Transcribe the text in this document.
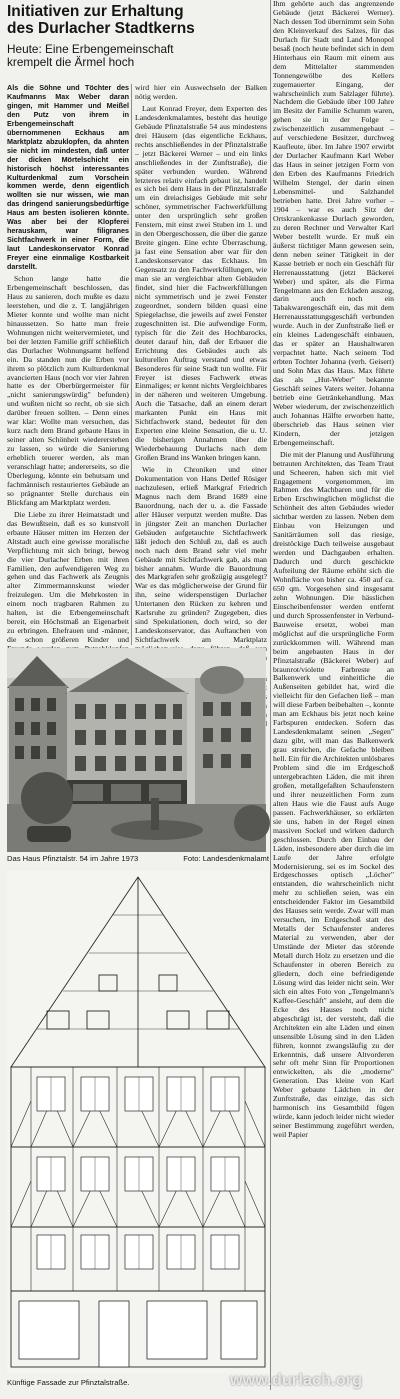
Initiativen zur Erhaltung
des Durlacher Stadtkerns
Heute: Eine Erbengemeinschaft
krempelt die Ärmel hoch

Als die Söhne und Töchter des Kaufmanns Max Weber daran gingen, mit Hammer und Meißel den Putz von ihrem in Erbengemeinschaft übernommenen Eckhaus am Marktplatz abzuklopfen, da ahnten sie nicht im mindesten, daß unter der dicken Mörtelschicht ein historisch höchst interessantes Kulturdenkmal zum Vorschein kommen werde, denn eigentlich wollten sie nur wissen, wie man das dringend sanierungsbedürftige Haus am besten isolieren könnte. Was aber bei der Klopferei herauskam, war filigranes Sichtfachwerk in einer Form, die laut Landeskonservator Konrad Freyer eine einmalige Kostbarkeit darstellt.

Schon lange hatte die Erbengemeinschaft beschlossen, das Haus zu sanieren, doch mußte es dazu leerstehen, und die z. T. langjährigen Mieter konnte und wollte man nicht hinaussetzen. So hatte man freie Wohnungen nicht weitervermietet, und bei der letzten Familie griff schließlich das Durlacher Wohnungsamt helfend ein. Da standen nun die Erben vor ihrem so plötzlich zum Kulturdenkmal avancierten Haus (noch vor vier Jahren hatte es der Oberbürgermeister für „nicht sanierungswürdig" befunden) und wußten nicht so recht, ob sie sich darüber freuen sollten. – Denn eines war klar: Wollte man versuchen, das kurz nach dem Brand gebaute Haus in seiner alten Schönheit wiedererstehen zu lassen, so würde die Sanierung erheblich teuerer werden, als man veranschlagt hatte; andererseits, so die Überlegung, könnte ein behutsam und fachmännisch restauriertes Gebäude an so prägnanter Stelle durchaus ein Blickfang am Marktplatz werden.

Die Liebe zu ihrer Heimatstadt und das Bewußtsein, daß es so kunstvoll erbaute Häuser mitten im Herzen der Altstadt auch eine gewisse moralische Verpflichtung mit sich bringt, bewog die vier Durlacher Erben mit ihren Familien, den aufwendigeren Weg zu gehen und das Fachwerk als Zeugnis alter Zimmermannskunst wieder freizulegen. Um die Mehrkosten in einem noch tragbaren Rahmen zu halten, ist die Erbengemeinschaft bereit, ein Höchstmaß an Eigenarbeit zu erbringen. Ehefrauen und -männer, die schon größeren Kinder und

wird hier ein Auswechseln der Balken nötig werden.

Laut Konrad Freyer, dem Experten des Landesdenkmalamtes, besteht das heutige Gebäude Pfinztalstraße 54 aus mindestens drei Häusern (das eigentliche Eckhaus, rechts anschließendes in der Pfinztalstraße – jetzt Bäckerei Werner – und ein links anschließendes in der Zunftstraße), die später verbunden wurden. Während letzteres relativ einfach gebaut ist, handelt es sich bei dem Haus in der Pfinztalstraße um ein dreiachsiges Gebäude mit sehr schöner, symmetrischer Fachwerkfüllung unter den ursprünglich sehr großen Fenstern, mit einst zwei Stuben im 1. und in den Obergeschossen, die über die ganze Breite gingen. Eine echte Überraschung, ja fast eine Sensation aber war für den Landeskonservator das Eckhaus. Im Gegensatz zu den Fachwerkfüllungen, wie man sie an vergleichbar alten Gebäuden findet, sind hier die Fachwerkfüllungen nicht symmetrisch und je zwei Fenster zugeordnet, sondern bilden quasi eine Spiegelachse, die jeweils auf zwei Fenster zugeschnitten ist. Die aufwendige Form, typisch für die Zeit des Hochbarocks, deutet darauf hin, daß der Erbauer die Errichtung des Gebäudes auch als kulturellen Auftrag verstand und etwas Besonderes für seine Stadt tun wollte. Für Freyer ist dieses Fachwerk etwas Einmaliges; er kennt nichts Vergleichbares in der näheren und weiteren Umgebung. Auch die Tatsache, daß an einem derart markanten Punkt ein Haus mit Sichtfachwerk stand, bedeutet für den Experten eine kleine Sensation, die u. U. die bisherigen Annahmen über die Wiederbebauung Durlachs nach dem Großen Brand ins Wanken bringen kann.

Wie in Chroniken und einer Dokumentation von Hans Detlef Rösiger nachzulesen, erließ Markgraf Friedrich Magnus nach dem Brand 1689 eine Bauordnung, nach der u. a. die Fassade aller Häuser verputzt werden mußte. Das in jüngster Zeit an manchen Durlacher Gebäuden aufgetauchte Sichtfachwerk läßt jedoch den Schluß zu, daß es auch noch nach dem Brand sehr viel mehr Gebäude mit Sichtfachwerk gab, als man bisher annahm. Wurde die Bauordnung des Markgrafen sehr großzügig ausgelegt? War es das möglicherweise der Grund für ihn, seine widerspenstigen Durlacher Untertanen den Rücken zu kehren und Karlsruhe zu gründen? Zugegeben, dies sind Spekulationen, doch wird, so der Landeskonservator, das Auftauchen von Sichtfachwerk am Marktplatz

Ihm gehörte auch das angrenzende Gebäude (jetzt Bäckerei Werner). Nach dessen Tod übernimmt sein Sohn den Kleinverkauf des Salzes, für das Durlach für Stadt und Land Monopol besaß (noch heute befindet sich in dem Hinterhaus ein Raum mit einem aus dem Mittelalter stammenden Tonnengewölbe des Kellers zugemauerter Eingang, der wahrscheinlich zum Salzlager führte). Nachdem die Gebäude über 100 Jahre im Besitz der Familie Schumm waren, gehen sie in der Folge – zwischenzeitlich zusammengebaut – auf verschiedene Besitzer, durchweg Kaufleute, über. Im Jahre 1907 erwirbt der Durlacher Kaufmann Karl Weber das Haus in seiner jetzigen Form von den Erben des Kaufmanns Friedrich Wilhelm Stengel, der darin einen Lebensmittel- und Salzhandel betrieben hatte. Drei Jahre vorher – 1904 – war es auch Sitz der Ortskrankenkasse Durlach geworden, zu deren Rechner und Verwalter Karl Weber bestellt wurde. Er muß ein äußerst tüchtiger Mann gewesen sein, denn neben seiner Tätigkeit in der Kasse betrieb er noch ein Geschäft für Herrenausstattung (jetzt Bäckerei Weber) und später, als die Firma Tengelmann aus den Eckladen auszog, darin auch noch ein Tabakwarengeschäft ein, das mit dem Herrenausstattungsgeschäft verbunden wurde. Auch in der Zunftstraße ließ er ein kleines Ladengeschäft einbauen, das er später an Haushaltwaren verpachtet hatte. Nach seinem Tod erbten Tochter Johanna (verh. Geisert) und Sohn Max das Haus. Max führte das als „Hut-Weber" bekannte Geschäft seines Vaters weiter. Johanna betrieb eine Getränkehandlung. Max Weber wiederum, der zwischenzeitlich auch Johannas Hälfte erworben hatte, überschrieb das Haus seinen vier Kindern, der jetzigen Erbengemeinschaft.

Die mit der Planung und Ausführung betrauten Architekten, das Team Traut und Scheeren, haben sich mit viel Engagement vorgenommen, im Rahmen des Machbaren und für die Erben Erschwinglichen möglichst die Schönheit des alten Gebäudes wieder sichtbar werden zu lassen. Neben dem Einbau von Heizungen und Sanitärräumen soll das riesige, dreistöckige Dach teilweise ausgebaut werden und Dachgauben erhalten. Dadurch und durch geschickte Aufteilung der Räume erhöht sich die Wohnfläche von bisher ca. 450 auf ca. 650 qm. Vorgesehen sind insgesamt zehn Wohnungen. Die hässlichen Einscheibenfenster werden entfernt und durch Sprossenfenster in Verbund-Bauweise ersetzt, wobei man möglichst auf die ursprüngliche Form zurückkommen will. Während man beim angebauten Haus in der Pfinztalstraße (Bäckerei Weber) auf braunrot/violette Farbreste an Balkenwerk und einheitliche die Außenseiten gebildet hat, wird die vielleicht für den Gefachen ließ – man will diese Farben beibehalten –, konnte man am Eckhaus bis jetzt noch keine Farbspuren entdecken. Sofern das Landesdenkmalamt seinen „Segen" dazu gibt, will man das Balkenwerk grau streichen, die Gefache bleiben hell. Ein für die Architekten unlösbares Problem sind die im Erdgeschoß untergebrachten Läden, die mit ihren großen, metallgefaßten Schaufenstern und ihrer neuzeitlichen Form zum alten Haus wie die Faust aufs Auge passen. Fachwerkhäuser, so erklärten sie uns, haben in der Regel einen massiven Sockel und wirken dadurch geschlossen. Durch den Einbau der Läden, insbesondere aber durch die im Laufe der Jahre erfolgte Modernisierung, sei es im Sockel des Erdgeschosses optisch „Löcher" entstanden, die wahrscheinlich nicht mehr zu schließen seien, was ein entscheidender Faktor im Gesamtbild des Hauses sein werde. Zwar will man versuchen, im Erdgeschoß statt des Metalls der Schaufenster anderes Material zu verwenden, aber der Umstände der Mieter das störende Metall durch Holz zu ersetzen und die Schaufenster in oberen Bereich zu gliedern, doch eine befriedigende Lösung wird das leider nicht sein. Wer sich ein altes Foto von „Tengelmann's Kaffee-Geschäft" ansieht, auf dem die Ecke des Hauses noch nicht abgeschrägt ist, der versteht, daß die Architekten ein alte Läden und einen unsensible Lösung sind in den Läden führen, konnnt zwangsläufig zu der Erkenntnis, daß unsere Altvorderen sehr oft mehr Sinn für Proportionen entwickelten, als die „moderne" Generation. Das kleine von Karl Weber gebaute Lädchen in der Zunftstraße, das einzige, das sich harmonisch ins Gesamtbild fügen würde, kann jedoch leider nicht wieder seiner Bestimmung zugeführt werden, weil Papier

Das Haus Pfinztalstr. 54 im Jahre 1973	Foto: Landesdenkmalamt
Künftige Fassade zur Pfinztalstraße.	www.durlach.org
